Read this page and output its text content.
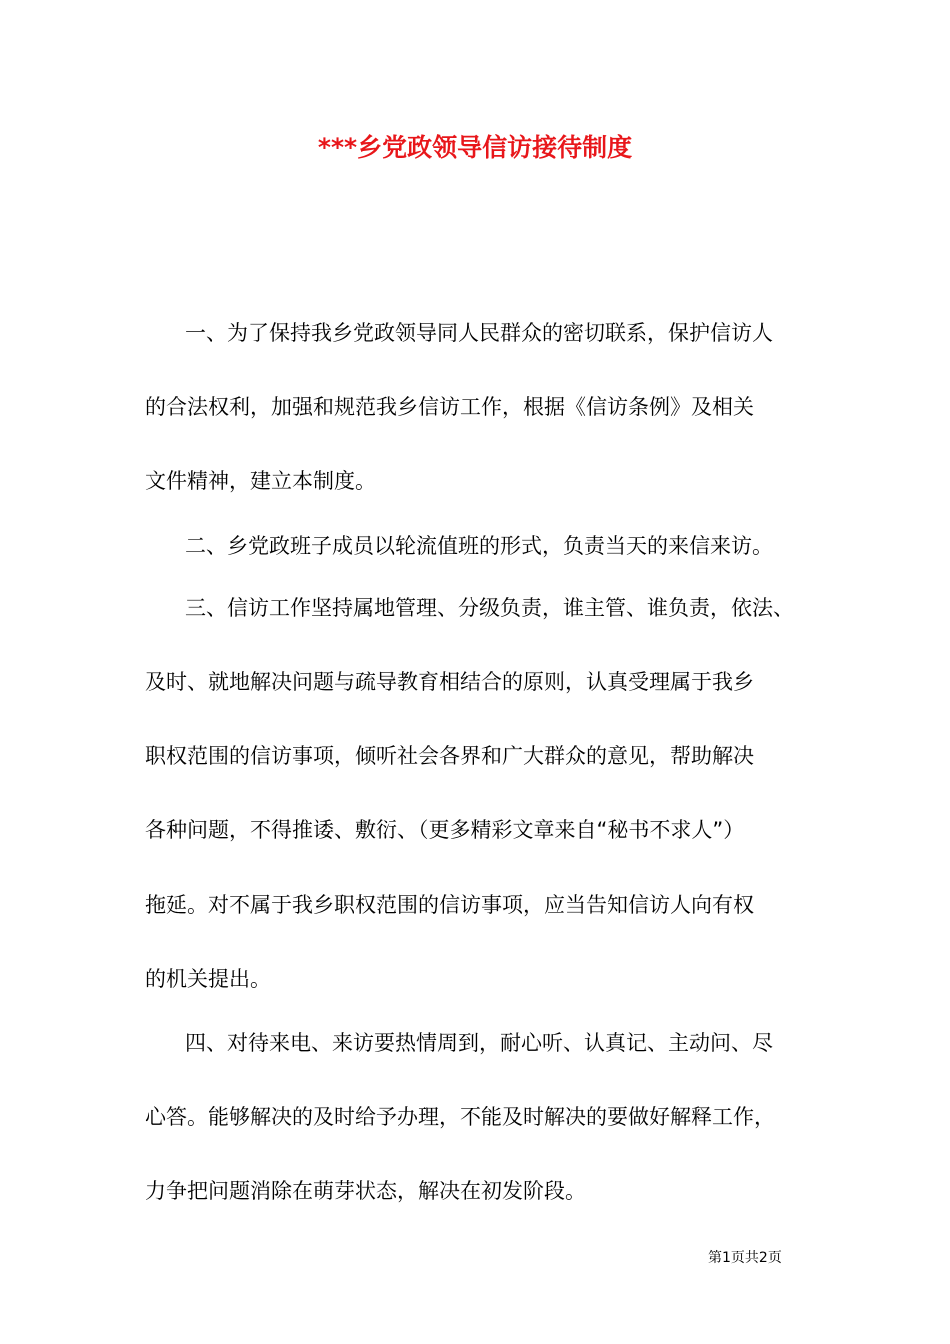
***乡党政领导信访接待制度

一、为了保持我乡党政领导同人民群众的密切联系，保护信访人

的合法权利，加强和规范我乡信访工作，根据《信访条例》及相关

文件精神，建立本制度。

二、乡党政班子成员以轮流值班的形式，负责当天的来信来访。

三、信访工作坚持属地管理、分级负责，谁主管、谁负责，依法、

及时、就地解决问题与疏导教育相结合的原则，认真受理属于我乡

职权范围的信访事项，倾听社会各界和广大群众的意见，帮助解决

各种问题，不得推诿、敷衍、（更多精彩文章来自“秘书不求人”）

拖延。对不属于我乡职权范围的信访事项，应当告知信访人向有权

的机关提出。

四、对待来电、来访要热情周到，耐心听、认真记、主动问、尽

心答。能够解决的及时给予办理，不能及时解决的要做好解释工作，

力争把问题消除在萌芽状态，解决在初发阶段。

第1页共2页
